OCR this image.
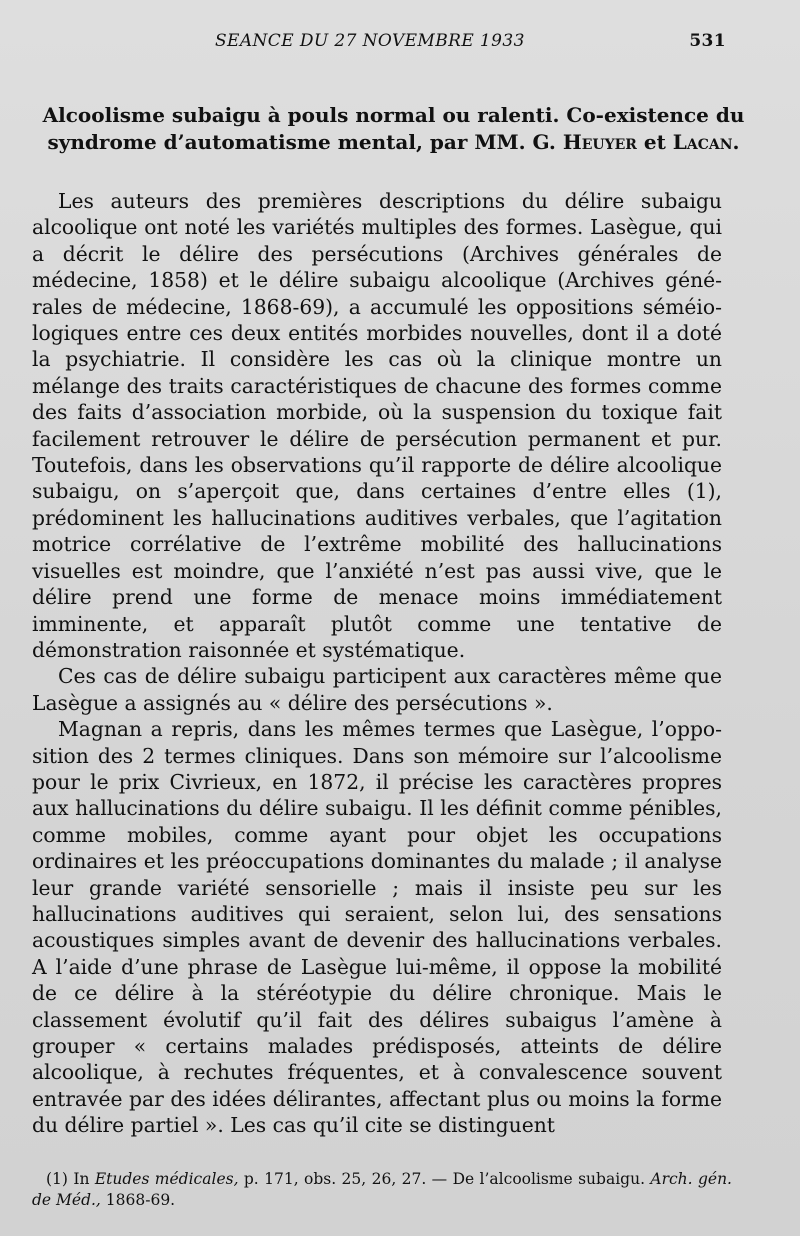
SEANCE DU 27 NOVEMBRE 1933	531
Alcoolisme subaigu à pouls normal ou ralenti. Co-existence du syndrome d’automatisme mental, par MM. G. Heuyer et Lacan.

Les auteurs des premières descriptions du délire subaigu alcoolique ont noté les variétés multiples des formes. Lasègue, qui a décrit le délire des persécutions (Archives générales de médecine, 1858) et le délire subaigu alcoolique (Archives générales de médecine, 1868-69), a accumulé les oppositions séméiologiques entre ces deux entités morbides nouvelles, dont il a doté la psychiatrie. Il considère les cas où la clinique montre un mélange des traits caractéristiques de chacune des formes comme des faits d’association morbide, où la suspension du toxique fait facilement retrouver le délire de persécution permanent et pur. Toutefois, dans les observations qu’il rapporte de délire alcoolique subaigu, on s’aperçoit que, dans certaines d’entre elles (1), prédominent les hallucinations auditives verbales, que l’agitation motrice corrélative de l’extrême mobilité des hallucinations visuelles est moindre, que l’anxiété n’est pas aussi vive, que le délire prend une forme de menace moins immédiatement imminente, et apparaît plutôt comme une tentative de démonstration raisonnée et systématique.

Ces cas de délire subaigu participent aux caractères même que Lasègue a assignés au « délire des persécutions ».

Magnan a repris, dans les mêmes termes que Lasègue, l’opposition des 2 termes cliniques. Dans son mémoire sur l’alcoolisme pour le prix Civrieux, en 1872, il précise les caractères propres aux hallucinations du délire subaigu. Il les définit comme pénibles, comme mobiles, comme ayant pour objet les occupations ordinaires et les préoccupations dominantes du malade ; il analyse leur grande variété sensorielle ; mais il insiste peu sur les hallucinations auditives qui seraient, selon lui, des sensations acoustiques simples avant de devenir des hallucinations verbales. A l’aide d’une phrase de Lasègue lui-même, il oppose la mobilité de ce délire à la stéréotypie du délire chronique. Mais le classement évolutif qu’il fait des délires subaigus l’amène à grouper « certains malades prédisposés, atteints de délire alcoolique, à rechutes fréquentes, et à convalescence souvent entravée par des idées délirantes, affectant plus ou moins la forme du délire partiel ». Les cas qu’il cite se distinguent

(1) In Etudes médicales, p. 171, obs. 25, 26, 27. — De l’alcoolisme subaigu. Arch. gén. de Méd., 1868-69.
